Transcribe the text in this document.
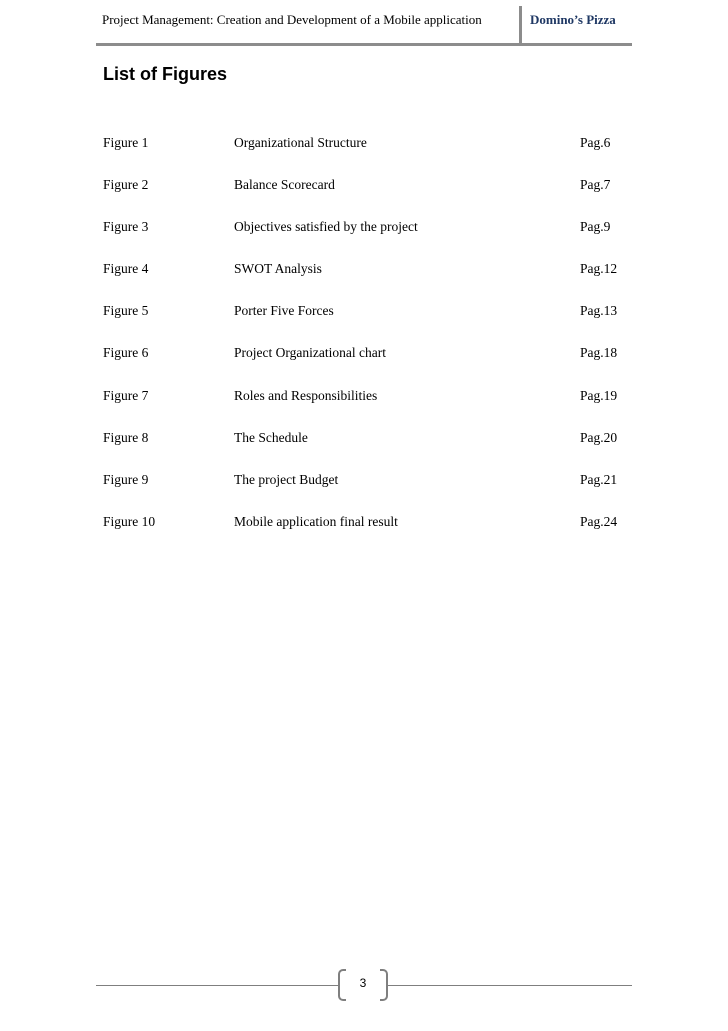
Project Management: Creation and Development of a Mobile application	Domino’s Pizza
List of Figures
Figure 1	Organizational Structure	Pag.6
Figure 2	Balance Scorecard	Pag.7
Figure 3	Objectives satisfied by the project	Pag.9
Figure 4	SWOT Analysis	Pag.12
Figure 5	Porter Five Forces	Pag.13
Figure 6	Project Organizational chart	Pag.18
Figure 7	Roles and Responsibilities	Pag.19
Figure 8	The Schedule	Pag.20
Figure 9	The project Budget	Pag.21
Figure 10	Mobile application final result	Pag.24
3
